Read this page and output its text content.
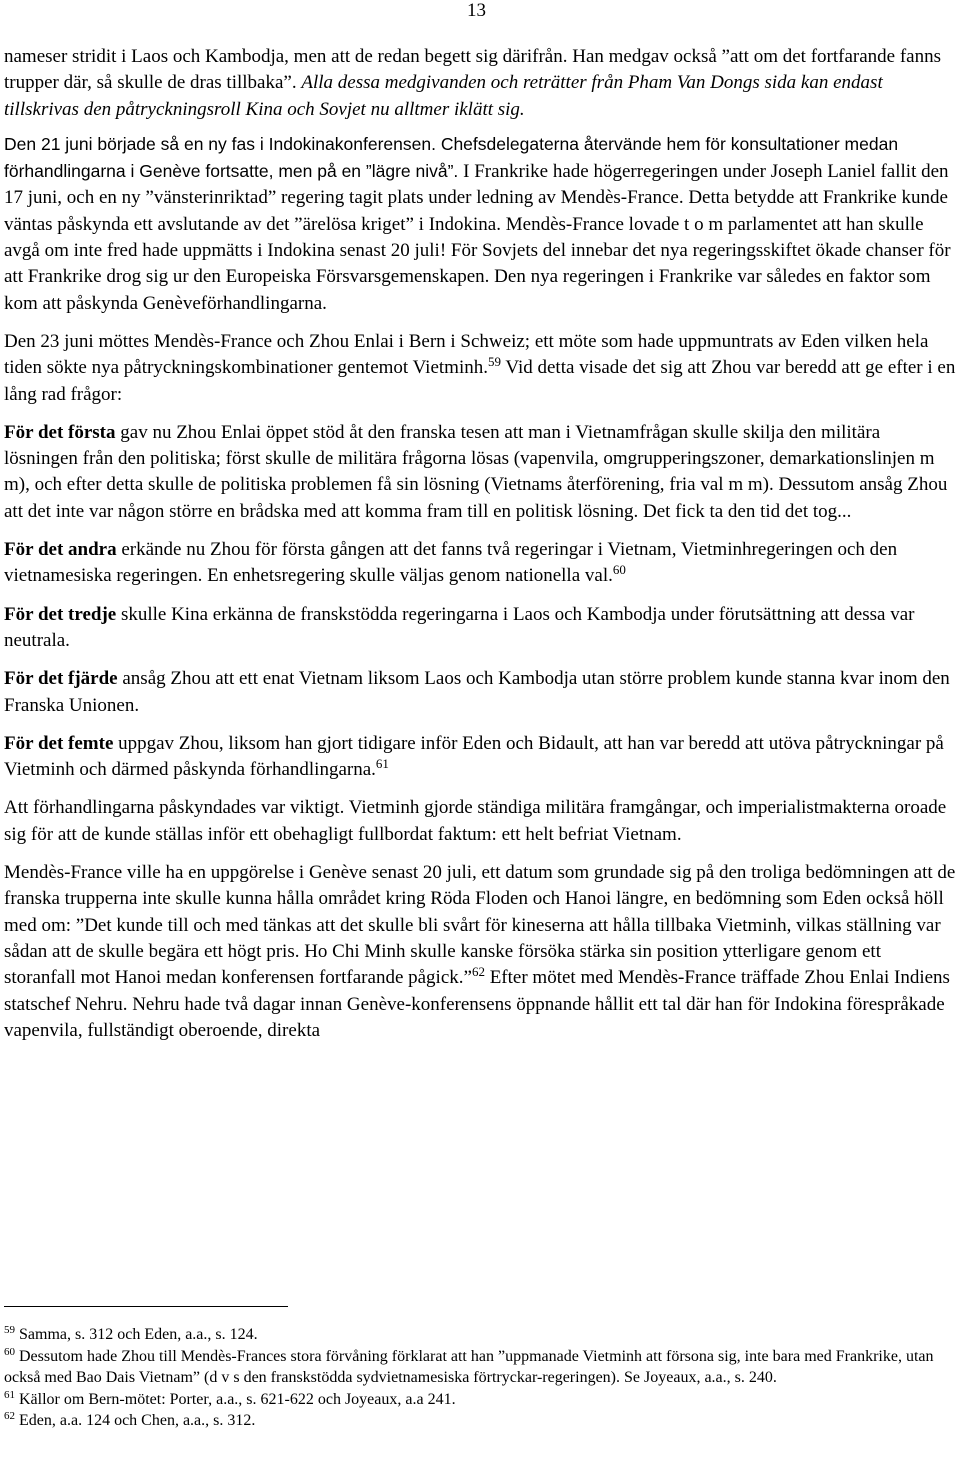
13

nameser stridit i Laos och Kambodja, men att de redan begett sig därifrån. Han medgav också ”att om det fortfarande fanns trupper där, så skulle de dras tillbaka”. Alla dessa medgivanden och reträtter från Pham Van Dongs sida kan endast tillskrivas den påtryckningsroll Kina och Sovjet nu alltmer iklätt sig.

Den 21 juni började så en ny fas i Indokinakonferensen. Chefsdelegaterna återvände hem för konsultationer medan förhandlingarna i Genève fortsatte, men på en ”lägre nivå”. I Frankrike hade högerregeringen under Joseph Laniel fallit den 17 juni, och en ny ”vänsterinriktad” regering tagit plats under ledning av Mendès-France. Detta betydde att Frankrike kunde väntas påskynda ett avslutande av det ”ärelösa kriget” i Indokina. Mendès-France lovade t o m parlamentet att han skulle avgå om inte fred hade uppmätts i Indokina senast 20 juli! För Sovjets del innebar det nya regeringsskiftet ökade chanser för att Frankrike drog sig ur den Europeiska Försvarsgemenskapen. Den nya regeringen i Frankrike var således en faktor som kom att påskynda Genèveförhandlingarna.

Den 23 juni möttes Mendès-France och Zhou Enlai i Bern i Schweiz; ett möte som hade uppmuntrats av Eden vilken hela tiden sökte nya påtryckningskombinationer gentemot Vietminh.$^{59}$ Vid detta visade det sig att Zhou var beredd att ge efter i en lång rad frågor:

För det första gav nu Zhou Enlai öppet stöd åt den franska tesen att man i Vietnamfrågan skulle skilja den militära lösningen från den politiska; först skulle de militära frågorna lösas (vapenvila, omgrupperingszoner, demarkationslinjen m m), och efter detta skulle de politiska problemen få sin lösning (Vietnams återförening, fria val m m). Dessutom ansåg Zhou att det inte var någon större en brådska med att komma fram till en politisk lösning. Det fick ta den tid det tog...

För det andra erkände nu Zhou för första gången att det fanns två regeringar i Vietnam, Vietminhregeringen och den vietnamesiska regeringen. En enhetsregering skulle väljas genom nationella val.$^{60}$

För det tredje skulle Kina erkänna de franskstödda regeringarna i Laos och Kambodja under förutsättning att dessa var neutrala.

För det fjärde ansåg Zhou att ett enat Vietnam liksom Laos och Kambodja utan större problem kunde stanna kvar inom den Franska Unionen.

För det femte uppgav Zhou, liksom han gjort tidigare inför Eden och Bidault, att han var beredd att utöva påtryckningar på Vietminh och därmed påskynda förhandlingarna.$^{61}$

Att förhandlingarna påskyndades var viktigt. Vietminh gjorde ständiga militära framgångar, och imperialistmakterna oroade sig för att de kunde ställas inför ett obehagligt fullbordat faktum: ett helt befriat Vietnam.

Mendès-France ville ha en uppgörelse i Genève senast 20 juli, ett datum som grundade sig på den troliga bedömningen att de franska trupperna inte skulle kunna hålla området kring Röda Floden och Hanoi längre, en bedömning som Eden också höll med om: ”Det kunde till och med tänkas att det skulle bli svårt för kineserna att hålla tillbaka Vietminh, vilkas ställning var sådan att de skulle begära ett högt pris. Ho Chi Minh skulle kanske försöka stärka sin position ytterligare genom ett storanfall mot Hanoi medan konferensen fortfarande pågick.”$^{62}$ Efter mötet med Mendès-France träffade Zhou Enlai Indiens statschef Nehru. Nehru hade två dagar innan Genève-konferensens öppnande hållit ett tal där han för Indokina förespråkade vapenvila, fullständigt oberoende, direkta

$^{59}$ Samma, s. 312 och Eden, a.a., s. 124.

$^{60}$ Dessutom hade Zhou till Mendès-Frances stora förvåning förklarat att han ”uppmanade Vietminh att försona sig, inte bara med Frankrike, utan också med Bao Dais Vietnam” (d v s den franskstödda sydvietnamesiska förtryckar-regeringen). Se Joyeaux, a.a., s. 240.

$^{61}$ Källor om Bern-mötet: Porter, a.a., s. 621-622 och Joyeaux, a.a 241.

$^{62}$ Eden, a.a. 124 och Chen, a.a., s. 312.
